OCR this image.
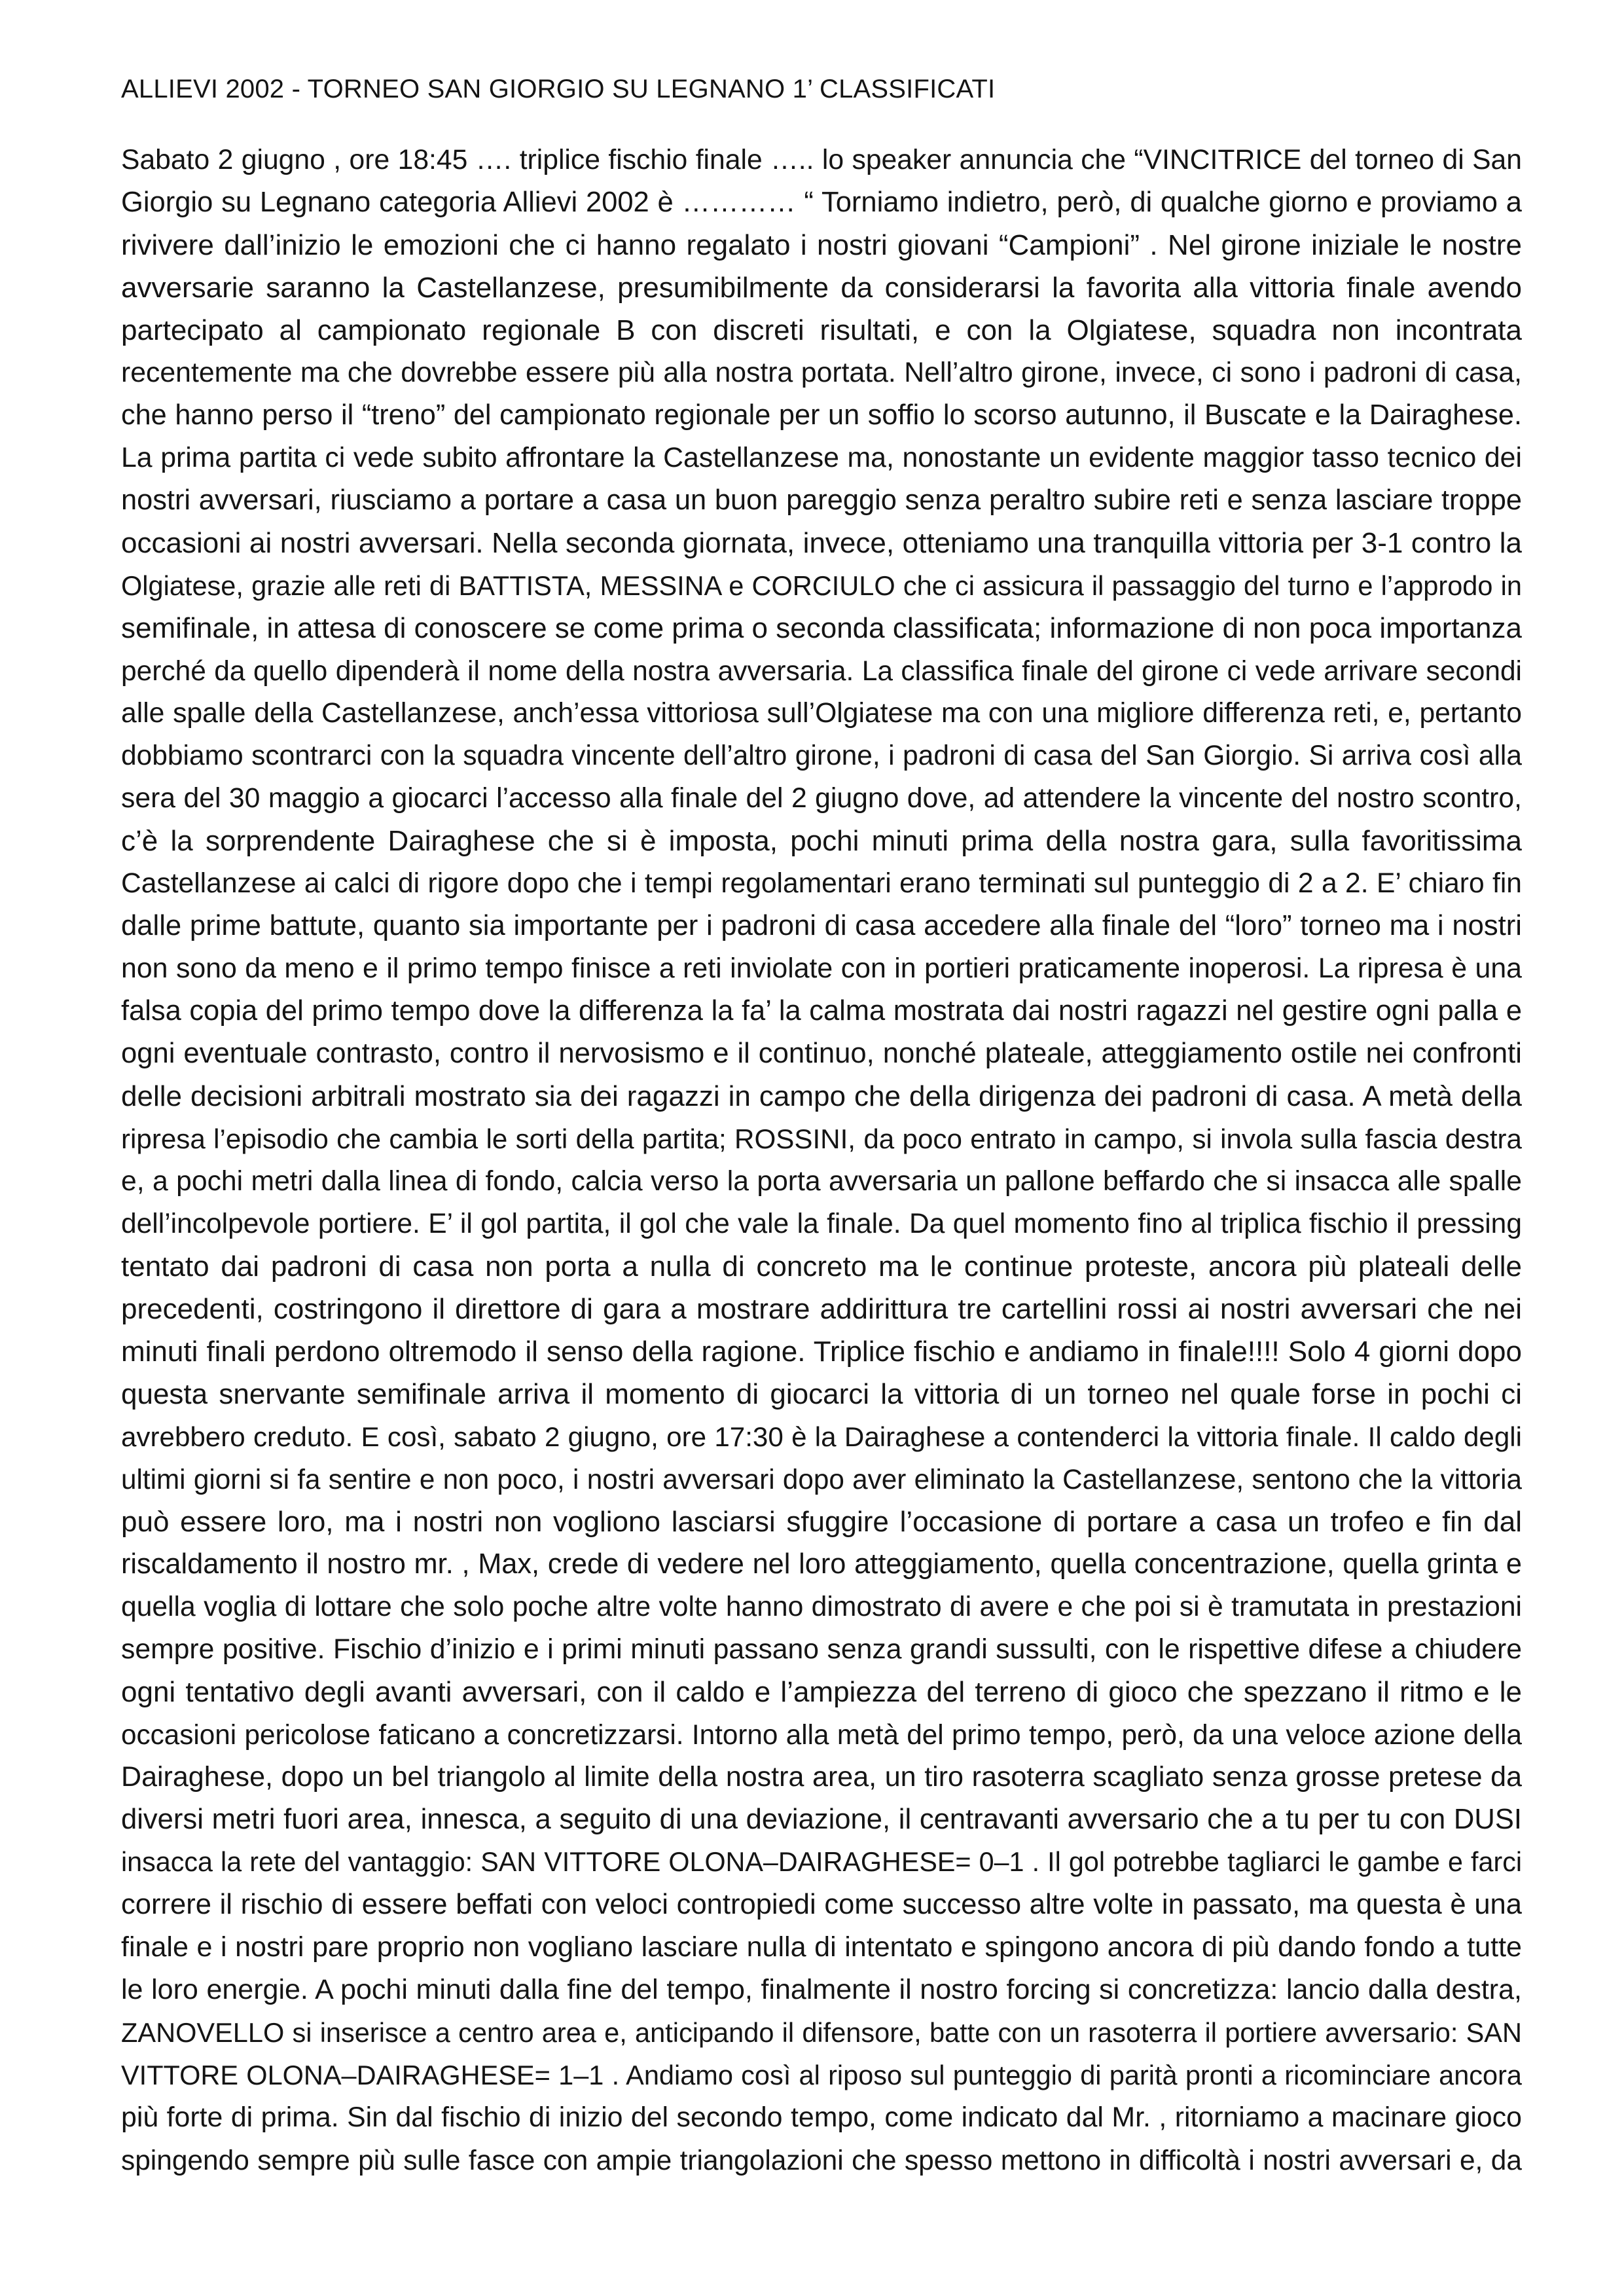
ALLIEVI 2002 - TORNEO SAN GIORGIO SU LEGNANO 1’ CLASSIFICATI
Sabato 2 giugno , ore 18:45 …. triplice fischio finale ….. lo speaker annuncia che “VINCITRICE del torneo di San
Giorgio su Legnano categoria Allievi 2002 è ………… “ Torniamo indietro, però, di qualche giorno e proviamo a
rivivere dall’inizio le emozioni che ci hanno regalato i nostri giovani “Campioni” . Nel girone iniziale le nostre
avversarie saranno la Castellanzese, presumibilmente da considerarsi la favorita alla vittoria finale avendo
partecipato al campionato regionale B con discreti risultati, e con la Olgiatese, squadra non incontrata
recentemente ma che dovrebbe essere più alla nostra portata. Nell’altro girone, invece, ci sono i padroni di casa,
che hanno perso il “treno” del campionato regionale per un soffio lo scorso autunno, il Buscate e la Dairaghese.
La prima partita ci vede subito affrontare la Castellanzese ma, nonostante un evidente maggior tasso tecnico dei
nostri avversari, riusciamo a portare a casa un buon pareggio senza peraltro subire reti e senza lasciare troppe
occasioni ai nostri avversari. Nella seconda giornata, invece, otteniamo una tranquilla vittoria per 3-1 contro la
Olgiatese, grazie alle reti di BATTISTA, MESSINA e CORCIULO che ci assicura il passaggio del turno e l’approdo in
semifinale, in attesa di conoscere se come prima o seconda classificata; informazione di non poca importanza
perché da quello dipenderà il nome della nostra avversaria. La classifica finale del girone ci vede arrivare secondi
alle spalle della Castellanzese, anch’essa vittoriosa sull’Olgiatese ma con una migliore differenza reti, e, pertanto
dobbiamo scontrarci con la squadra vincente dell’altro girone, i padroni di casa del San Giorgio. Si arriva così alla
sera del 30 maggio a giocarci l’accesso alla finale del 2 giugno dove, ad attendere la vincente del nostro scontro,
c’è la sorprendente Dairaghese che si è imposta, pochi minuti prima della nostra gara, sulla favoritissima
Castellanzese ai calci di rigore dopo che i tempi regolamentari erano terminati sul punteggio di 2 a 2. E’ chiaro fin
dalle prime battute, quanto sia importante per i padroni di casa accedere alla finale del “loro” torneo ma i nostri
non sono da meno e il primo tempo finisce a reti inviolate con in portieri praticamente inoperosi. La ripresa è una
falsa copia del primo tempo dove la differenza la fa’ la calma mostrata dai nostri ragazzi nel gestire ogni palla e
ogni eventuale contrasto, contro il nervosismo e il continuo, nonché plateale, atteggiamento ostile nei confronti
delle decisioni arbitrali mostrato sia dei ragazzi in campo che della dirigenza dei padroni di casa. A metà della
ripresa l’episodio che cambia le sorti della partita; ROSSINI, da poco entrato in campo, si invola sulla fascia destra
e, a pochi metri dalla linea di fondo, calcia verso la porta avversaria un pallone beffardo che si insacca alle spalle
dell’incolpevole portiere. E’ il gol partita, il gol che vale la finale. Da quel momento fino al triplica fischio il pressing
tentato dai padroni di casa non porta a nulla di concreto ma le continue proteste, ancora più plateali delle
precedenti, costringono il direttore di gara a mostrare addirittura tre cartellini rossi ai nostri avversari che nei
minuti finali perdono oltremodo il senso della ragione. Triplice fischio e andiamo in finale!!!! Solo 4 giorni dopo
questa snervante semifinale arriva il momento di giocarci la vittoria di un torneo nel quale forse in pochi ci
avrebbero creduto. E così, sabato 2 giugno, ore 17:30 è la Dairaghese a contenderci la vittoria finale. Il caldo degli
ultimi giorni si fa sentire e non poco, i nostri avversari dopo aver eliminato la Castellanzese, sentono che la vittoria
può essere loro, ma i nostri non vogliono lasciarsi sfuggire l’occasione di portare a casa un trofeo e fin dal
riscaldamento il nostro mr. , Max, crede di vedere nel loro atteggiamento, quella concentrazione, quella grinta e
quella voglia di lottare che solo poche altre volte hanno dimostrato di avere e che poi si è tramutata in prestazioni
sempre positive. Fischio d’inizio e i primi minuti passano senza grandi sussulti, con le rispettive difese a chiudere
ogni tentativo degli avanti avversari, con il caldo e l’ampiezza del terreno di gioco che spezzano il ritmo e le
occasioni pericolose faticano a concretizzarsi. Intorno alla metà del primo tempo, però, da una veloce azione della
Dairaghese, dopo un bel triangolo al limite della nostra area, un tiro rasoterra scagliato senza grosse pretese da
diversi metri fuori area, innesca, a seguito di una deviazione, il centravanti avversario che a tu per tu con DUSI
insacca la rete del vantaggio: SAN VITTORE OLONA–DAIRAGHESE= 0–1 . Il gol potrebbe tagliarci le gambe e farci
correre il rischio di essere beffati con veloci contropiedi come successo altre volte in passato, ma questa è una
finale e i nostri pare proprio non vogliano lasciare nulla di intentato e spingono ancora di più dando fondo a tutte
le loro energie. A pochi minuti dalla fine del tempo, finalmente il nostro forcing si concretizza: lancio dalla destra,
ZANOVELLO si inserisce a centro area e, anticipando il difensore, batte con un rasoterra il portiere avversario: SAN
VITTORE OLONA–DAIRAGHESE= 1–1 . Andiamo così al riposo sul punteggio di parità pronti a ricominciare ancora
più forte di prima. Sin dal fischio di inizio del secondo tempo, come indicato dal Mr. , ritorniamo a macinare gioco
spingendo sempre più sulle fasce con ampie triangolazioni che spesso mettono in difficoltà i nostri avversari e, da
